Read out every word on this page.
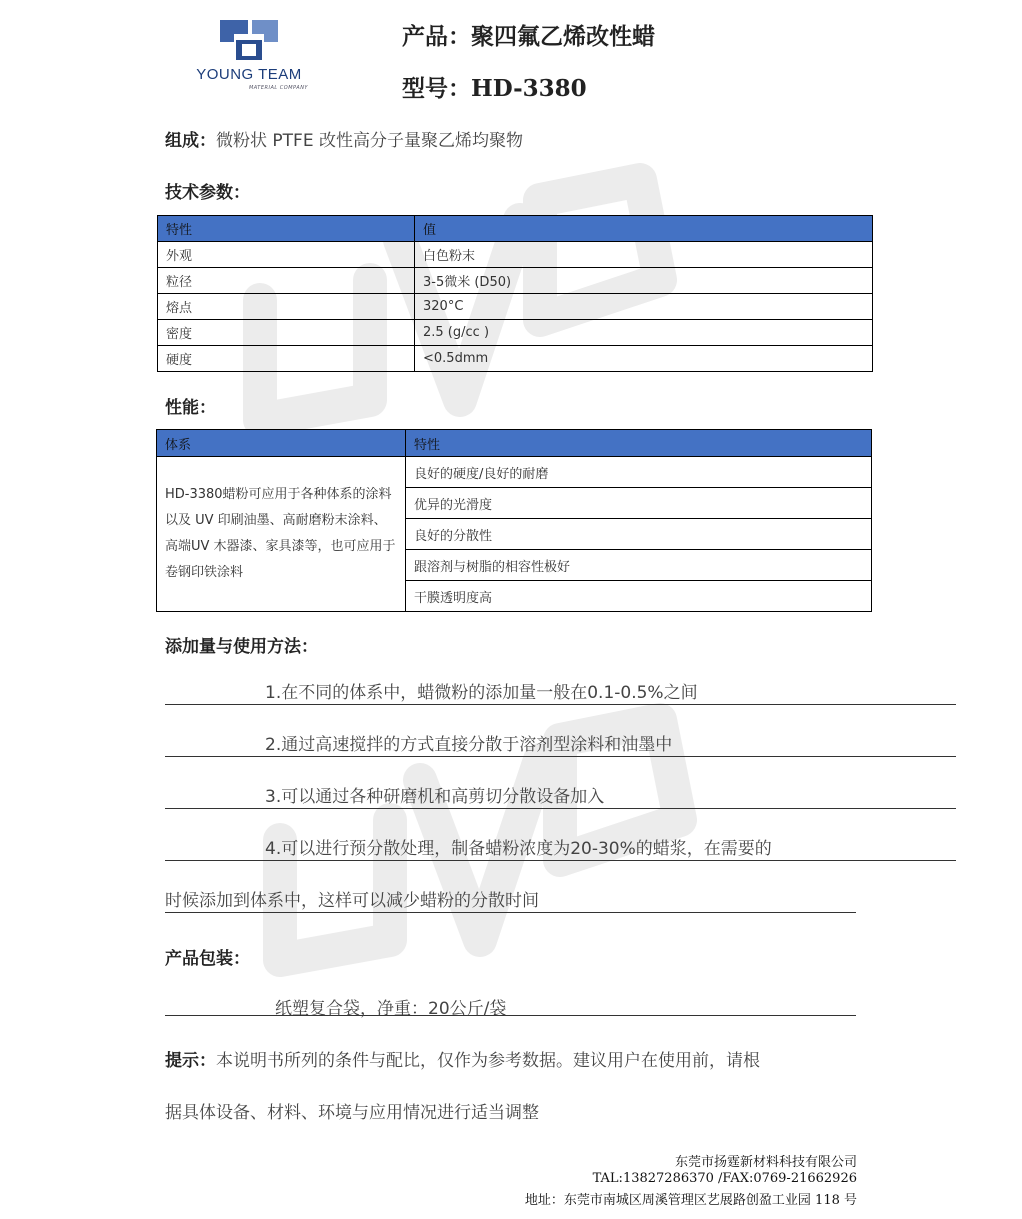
YOUNG TEAM
MATERIAL COMPANY
产品：聚四氟乙烯改性蜡
型号：HD-3380
组成：微粉状 PTFE 改性高分子量聚乙烯均聚物
技术参数：
特性	值
外观	白色粉末
粒径	3-5微米 (D50)
熔点	320°C
密度	2.5 (g/cc )
硬度	<0.5dmm
性能：
体系	特性
HD-3380蜡粉可应用于各种体系的涂料以及 UV 印刷油墨、高耐磨粉末涂料、高端UV 木器漆、家具漆等，也可应用于卷钢印铁涂料	良好的硬度/良好的耐磨
	优异的光滑度
	良好的分散性
	跟溶剂与树脂的相容性极好
	干膜透明度高
添加量与使用方法：
1.在不同的体系中，蜡微粉的添加量一般在0.1-0.5%之间
2.通过高速搅拌的方式直接分散于溶剂型涂料和油墨中
3.可以通过各种研磨机和高剪切分散设备加入
4.可以进行预分散处理，制备蜡粉浓度为20-30%的蜡浆，在需要的
时候添加到体系中，这样可以减少蜡粉的分散时间
产品包装：
纸塑复合袋，净重：20公斤/袋
提示：本说明书所列的条件与配比，仅作为参考数据。建议用户在使用前，请根
据具体设备、材料、环境与应用情况进行适当调整
东莞市扬霆新材料科技有限公司
TAL:13827286370 /FAX:0769-21662926
地址：东莞市南城区周溪管理区艺展路创盈工业园 118 号
